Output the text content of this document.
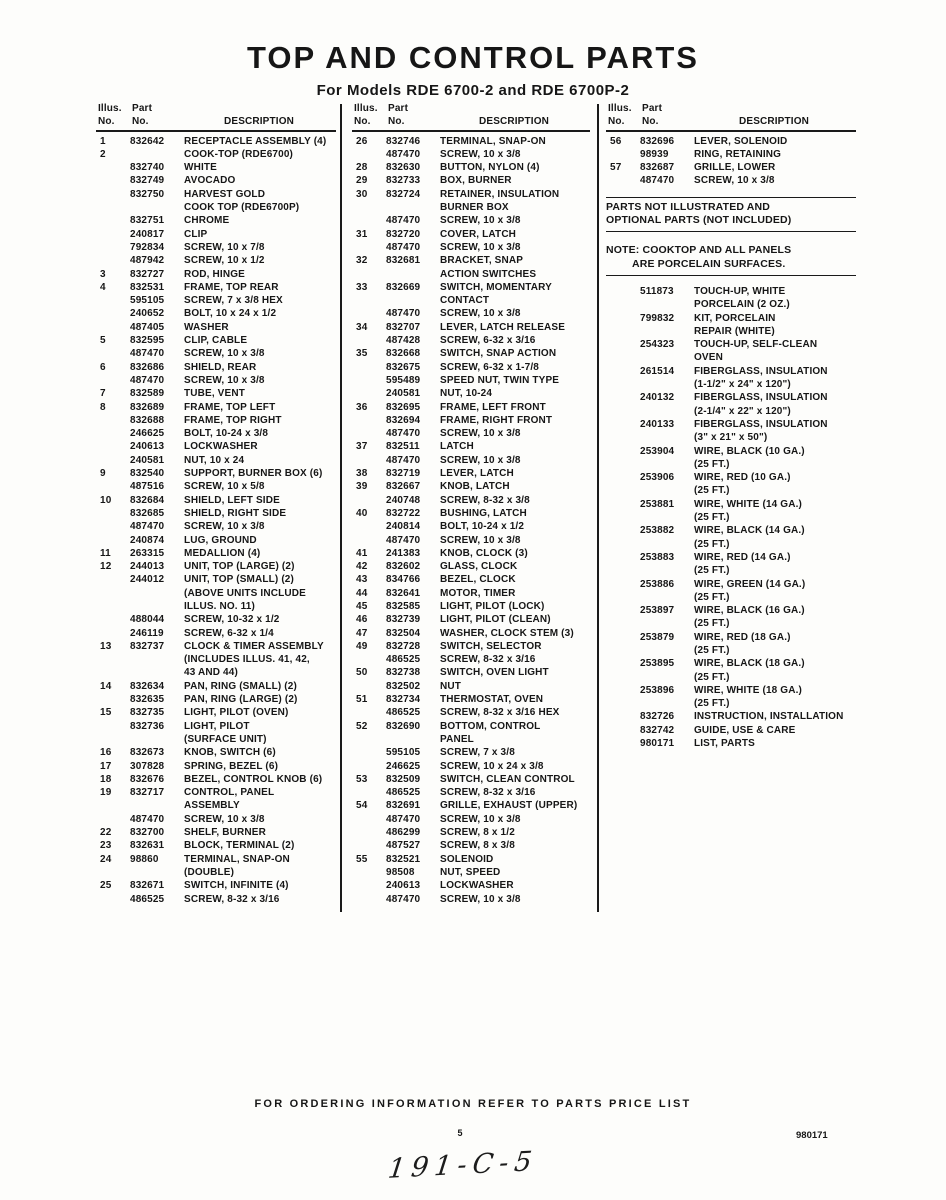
TOP AND CONTROL PARTS
For Models RDE 6700-2 and RDE 6700P-2
Illus.	Part
No.	No.	DESCRIPTION
1	832642	RECEPTACLE ASSEMBLY (4)
2	COOK-TOP (RDE6700)
832740	WHITE
832749	AVOCADO
832750	HARVEST GOLD
COOK TOP (RDE6700P)
832751	CHROME
240817	CLIP
792834	SCREW, 10 x 7/8
487942	SCREW, 10 x 1/2
3	832727	ROD, HINGE
4	832531	FRAME, TOP REAR
595105	SCREW, 7 x 3/8 HEX
240652	BOLT, 10 x 24 x 1/2
487405	WASHER
5	832595	CLIP, CABLE
487470	SCREW, 10 x 3/8
6	832686	SHIELD, REAR
487470	SCREW, 10 x 3/8
7	832589	TUBE, VENT
8	832689	FRAME, TOP LEFT
832688	FRAME, TOP RIGHT
246625	BOLT, 10-24 x 3/8
240613	LOCKWASHER
240581	NUT, 10 x 24
9	832540	SUPPORT, BURNER BOX (6)
487516	SCREW, 10 x 5/8
10	832684	SHIELD, LEFT SIDE
832685	SHIELD, RIGHT SIDE
487470	SCREW, 10 x 3/8
240874	LUG, GROUND
11	263315	MEDALLION (4)
12	244013	UNIT, TOP (LARGE) (2)
244012	UNIT, TOP (SMALL) (2)
(ABOVE UNITS INCLUDE
ILLUS. NO. 11)
488044	SCREW, 10-32 x 1/2
246119	SCREW, 6-32 x 1/4
13	832737	CLOCK & TIMER ASSEMBLY
(INCLUDES ILLUS. 41, 42,
43 AND 44)
14	832634	PAN, RING (SMALL) (2)
832635	PAN, RING (LARGE) (2)
15	832735	LIGHT, PILOT (OVEN)
832736	LIGHT, PILOT
(SURFACE UNIT)
16	832673	KNOB, SWITCH (6)
17	307828	SPRING, BEZEL (6)
18	832676	BEZEL, CONTROL KNOB (6)
19	832717	CONTROL, PANEL
ASSEMBLY
487470	SCREW, 10 x 3/8
22	832700	SHELF, BURNER
23	832631	BLOCK, TERMINAL (2)
24	98860	TERMINAL, SNAP-ON
(DOUBLE)
25	832671	SWITCH, INFINITE (4)
486525	SCREW, 8-32 x 3/16
Illus.	Part
No.	No.	DESCRIPTION
26	832746	TERMINAL, SNAP-ON
487470	SCREW, 10 x 3/8
28	832630	BUTTON, NYLON (4)
29	832733	BOX, BURNER
30	832724	RETAINER, INSULATION
BURNER BOX
487470	SCREW, 10 x 3/8
31	832720	COVER, LATCH
487470	SCREW, 10 x 3/8
32	832681	BRACKET, SNAP
ACTION SWITCHES
33	832669	SWITCH, MOMENTARY
CONTACT
487470	SCREW, 10 x 3/8
34	832707	LEVER, LATCH RELEASE
487428	SCREW, 6-32 x 3/16
35	832668	SWITCH, SNAP ACTION
832675	SCREW, 6-32 x 1-7/8
595489	SPEED NUT, TWIN TYPE
240581	NUT, 10-24
36	832695	FRAME, LEFT FRONT
832694	FRAME, RIGHT FRONT
487470	SCREW, 10 x 3/8
37	832511	LATCH
487470	SCREW, 10 x 3/8
38	832719	LEVER, LATCH
39	832667	KNOB, LATCH
240748	SCREW, 8-32 x 3/8
40	832722	BUSHING, LATCH
240814	BOLT, 10-24 x 1/2
487470	SCREW, 10 x 3/8
41	241383	KNOB, CLOCK (3)
42	832602	GLASS, CLOCK
43	834766	BEZEL, CLOCK
44	832641	MOTOR, TIMER
45	832585	LIGHT, PILOT (LOCK)
46	832739	LIGHT, PILOT (CLEAN)
47	832504	WASHER, CLOCK STEM (3)
49	832728	SWITCH, SELECTOR
486525	SCREW, 8-32 x 3/16
50	832738	SWITCH, OVEN LIGHT
832502	NUT
51	832734	THERMOSTAT, OVEN
486525	SCREW, 8-32 x 3/16 HEX
52	832690	BOTTOM, CONTROL
PANEL
595105	SCREW, 7 x 3/8
246625	SCREW, 10 x 24 x 3/8
53	832509	SWITCH, CLEAN CONTROL
486525	SCREW, 8-32 x 3/16
54	832691	GRILLE, EXHAUST (UPPER)
487470	SCREW, 10 x 3/8
486299	SCREW, 8 x 1/2
487527	SCREW, 8 x 3/8
55	832521	SOLENOID
98508	NUT, SPEED
240613	LOCKWASHER
487470	SCREW, 10 x 3/8
Illus.	Part
No.	No.	DESCRIPTION
56	832696	LEVER, SOLENOID
98939	RING, RETAINING
57	832687	GRILLE, LOWER
487470	SCREW, 10 x 3/8
PARTS NOT ILLUSTRATED AND
OPTIONAL PARTS (NOT INCLUDED)
NOTE: COOKTOP AND ALL PANELS
ARE PORCELAIN SURFACES.
511873	TOUCH-UP, WHITE
PORCELAIN (2 OZ.)
799832	KIT, PORCELAIN
REPAIR (WHITE)
254323	TOUCH-UP, SELF-CLEAN
OVEN
261514	FIBERGLASS, INSULATION
(1-1/2" x 24" x 120")
240132	FIBERGLASS, INSULATION
(2-1/4" x 22" x 120")
240133	FIBERGLASS, INSULATION
(3" x 21" x 50")
253904	WIRE, BLACK (10 GA.)
(25 FT.)
253906	WIRE, RED (10 GA.)
(25 FT.)
253881	WIRE, WHITE (14 GA.)
(25 FT.)
253882	WIRE, BLACK (14 GA.)
(25 FT.)
253883	WIRE, RED (14 GA.)
(25 FT.)
253886	WIRE, GREEN (14 GA.)
(25 FT.)
253897	WIRE, BLACK (16 GA.)
(25 FT.)
253879	WIRE, RED (18 GA.)
(25 FT.)
253895	WIRE, BLACK (18 GA.)
(25 FT.)
253896	WIRE, WHITE (18 GA.)
(25 FT.)
832726	INSTRUCTION, INSTALLATION
832742	GUIDE, USE & CARE
980171	LIST, PARTS
FOR ORDERING INFORMATION REFER TO PARTS PRICE LIST
5	980171
191-C-5
